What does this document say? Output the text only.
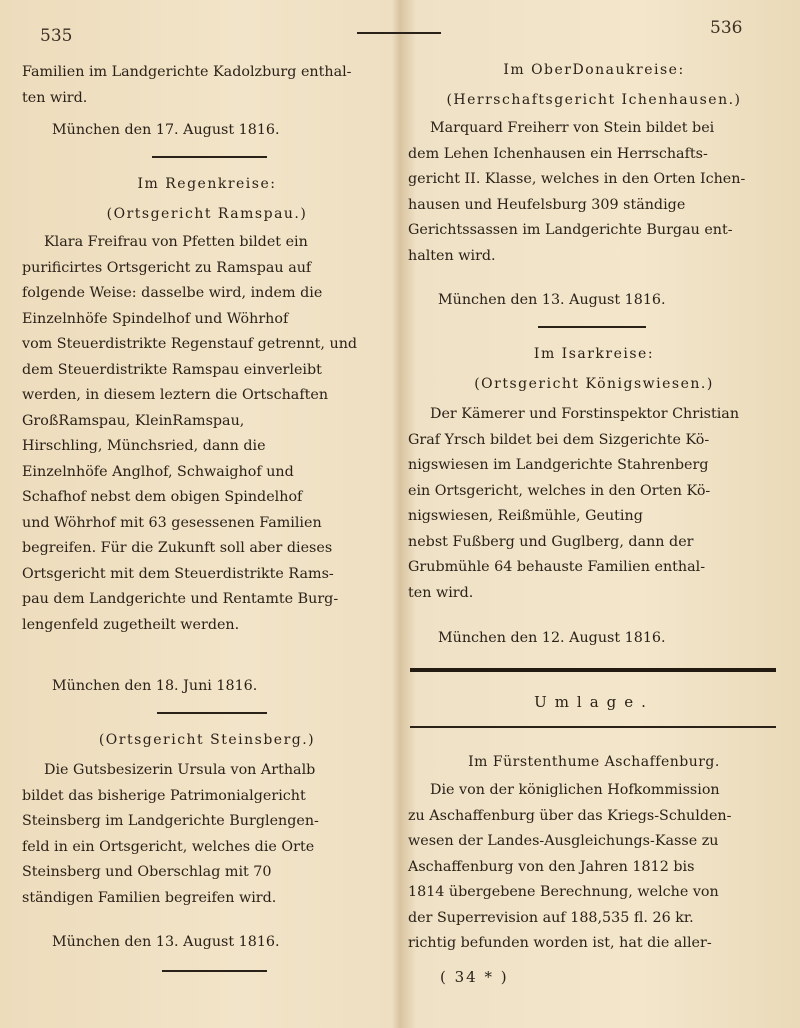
535	536

Familien im Landgerichte Kadolzburg enthal-

ten wird.

München den 17. August 1816.

Im Regenkreise:

(Ortsgericht Ramspau.)

Klara Freifrau von Pfetten bildet ein

purificirtes Ortsgericht zu Ramspau auf

folgende Weise: dasselbe wird, indem die

Einzelnhöfe Spindelhof und Wöhrhof

vom Steuerdistrikte Regenstauf getrennt, und

dem Steuerdistrikte Ramspau einverleibt

werden, in diesem leztern die Ortschaften

GroßRamspau, KleinRamspau,

Hirschling, Münchsried, dann die

Einzelnhöfe Anglhof, Schwaighof und

Schafhof nebst dem obigen Spindelhof

und Wöhrhof mit 63 gesessenen Familien

begreifen. Für die Zukunft soll aber dieses

Ortsgericht mit dem Steuerdistrikte Rams-

pau dem Landgerichte und Rentamte Burg-

lengenfeld zugetheilt werden.

München den 18. Juni 1816.

(Ortsgericht Steinsberg.)

Die Gutsbesizerin Ursula von Arthalb

bildet das bisherige Patrimonialgericht

Steinsberg im Landgerichte Burglengen-

feld in ein Ortsgericht, welches die Orte

Steinsberg und Oberschlag mit 70

ständigen Familien begreifen wird.

München den 13. August 1816.

Im OberDonaukreise:

(Herrschaftsgericht Ichenhausen.)

Marquard Freiherr von Stein bildet bei

dem Lehen Ichenhausen ein Herrschafts-

gericht II. Klasse, welches in den Orten Ichen-

hausen und Heufelsburg 309 ständige

Gerichtssassen im Landgerichte Burgau ent-

halten wird.

München den 13. August 1816.

Im Isarkreise:

(Ortsgericht Königswiesen.)

Der Kämerer und Forstinspektor Christian

Graf Yrsch bildet bei dem Sizgerichte Kö-

nigswiesen im Landgerichte Stahrenberg

ein Ortsgericht, welches in den Orten Kö-

nigswiesen, Reißmühle, Geuting

nebst Fußberg und Guglberg, dann der

Grubmühle 64 behauste Familien enthal-

ten wird.

München den 12. August 1816.

Umlage.

Im Fürstenthume Aschaffenburg.

Die von der königlichen Hofkommission

zu Aschaffenburg über das Kriegs-Schulden-

wesen der Landes-Ausgleichungs-Kasse zu

Aschaffenburg von den Jahren 1812 bis

1814 übergebene Berechnung, welche von

der Superrevision auf 188,535 fl. 26 kr.

richtig befunden worden ist, hat die aller-

( 34 * )
